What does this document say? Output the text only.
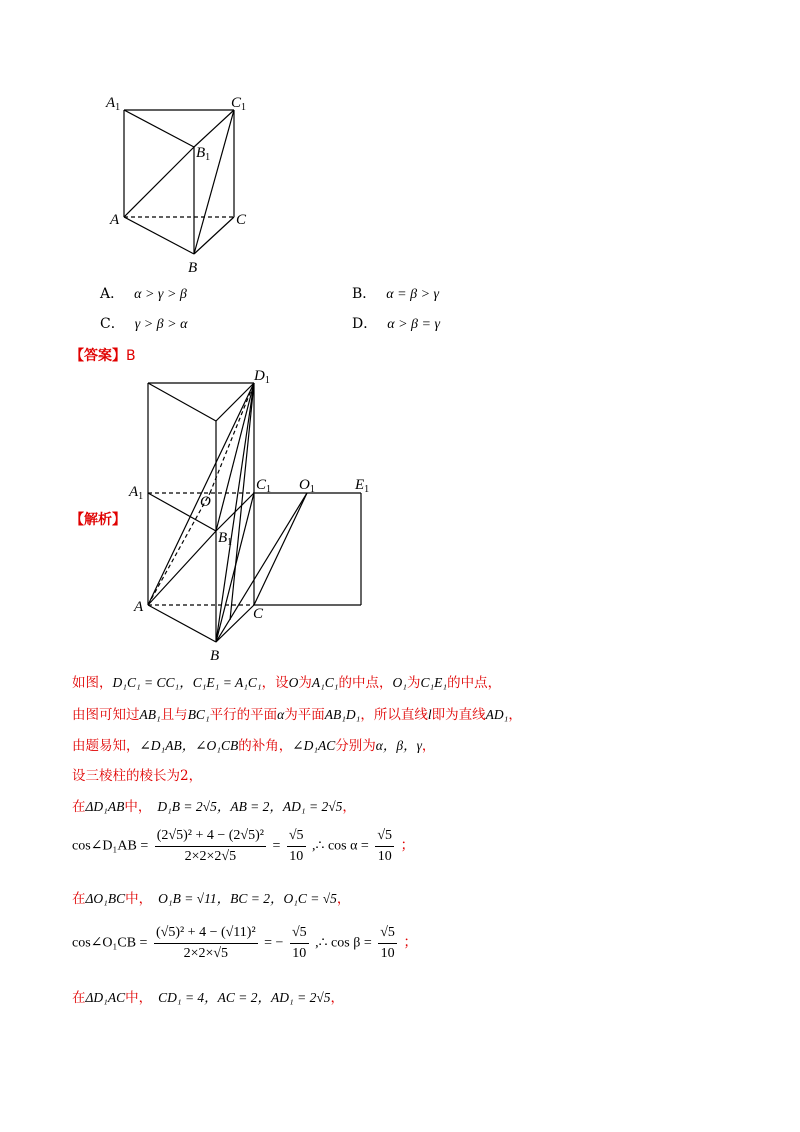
$A_1$	$C_1$
$B_1$
A	C
B
A． α > γ > β	B． α = β > γ
C． γ > β > α	D． α > β = γ
【答案】B
【解析】
$D_1$
$A_1$	O
$C_1$ $O_1$	$E_1$
$B_1$
A	C
B
如图，D₁C₁ = CC₁，C₁E₁ = A₁C₁，设O为A₁C₁的中点，O₁为C₁E₁的中点，
由图可知过AB₁且与BC₁平行的平面α为平面AB₁D₁，所以直线l即为直线AD₁，
由题易知，∠D₁AB，∠O₁CB的补角，∠D₁AC分别为α，β，γ，
设三棱柱的棱长为2，
在ΔD₁AB中， D₁B = 2√5，AB = 2，AD₁ = 2√5，
cos∠D₁AB = $\frac{\text{(2√5)² + 4 − (2√5)²}}{2\times 2\times 2√5} = \frac{√5}{10}$ ,∴ $\cos \alpha = \frac{√5}{10}$ ；
在ΔO₁BC中， O₁B = √11，BC = 2，O₁C = √5，
cos∠O₁CB = $\frac{\text{(√5)² + 4 − (√11)²}}{2\times 2\times√5}$ = − $\frac{√5}{10}$ ,∴ $\cos \beta = \frac{√5}{10}$ ；
在ΔD₁AC中， CD₁ = 4，AC = 2，AD₁ = 2√5，
